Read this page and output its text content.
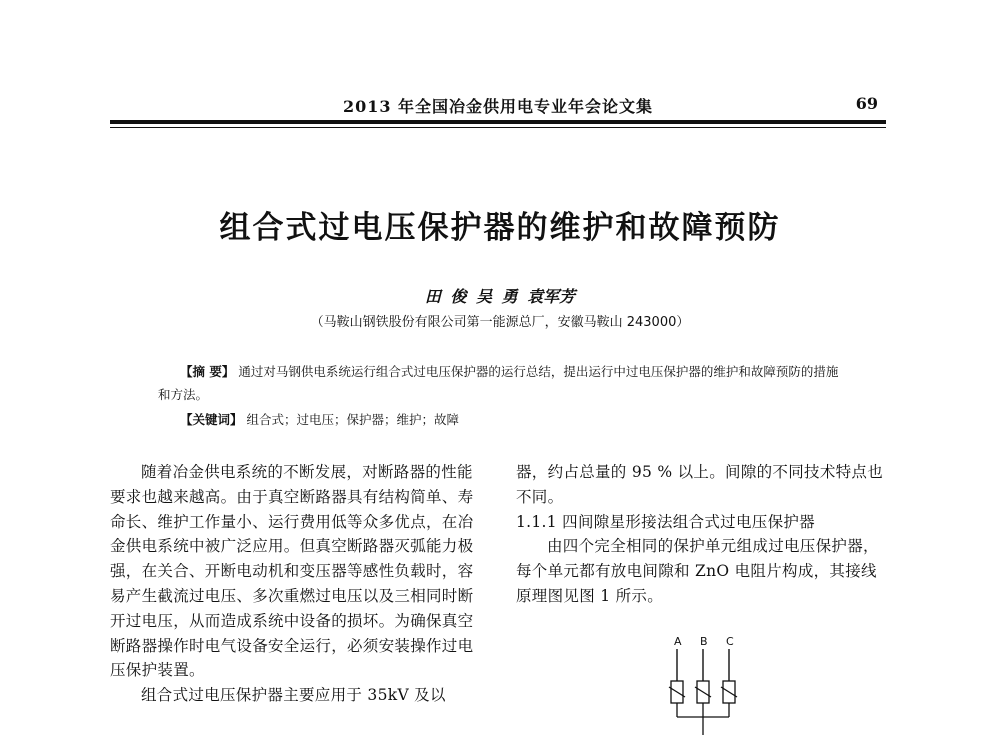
2013 年全国冶金供用电专业年会论文集	69
组合式过电压保护器的维护和故障预防
田 俊 吴 勇 袁军芳
（马鞍山钢铁股份有限公司第一能源总厂，安徽马鞍山 243000）

【摘 要】 通过对马钢供电系统运行组合式过电压保护器的运行总结，提出运行中过电压保护器的维护和故障预防的措施和方法。

【关键词】 组合式；过电压；保护器；维护；故障

随着冶金供电系统的不断发展，对断路器的性能要求也越来越高。由于真空断路器具有结构简单、寿命长、维护工作量小、运行费用低等众多优点，在冶金供电系统中被广泛应用。但真空断路器灭弧能力极强，在关合、开断电动机和变压器等感性负载时，容易产生截流过电压、多次重燃过电压以及三相同时断开过电压，从而造成系统中设备的损坏。为确保真空断路器操作时电气设备安全运行，必须安装操作过电压保护装置。

组合式过电压保护器主要应用于 35kV 及以

器，约占总量的 95 % 以上。间隙的不同技术特点也不同。

1.1.1 四间隙星形接法组合式过电压保护器

由四个完全相同的保护单元组成过电压保护器，每个单元都有放电间隙和 ZnO 电阻片构成，其接线原理图见图 1 所示。

A B C
